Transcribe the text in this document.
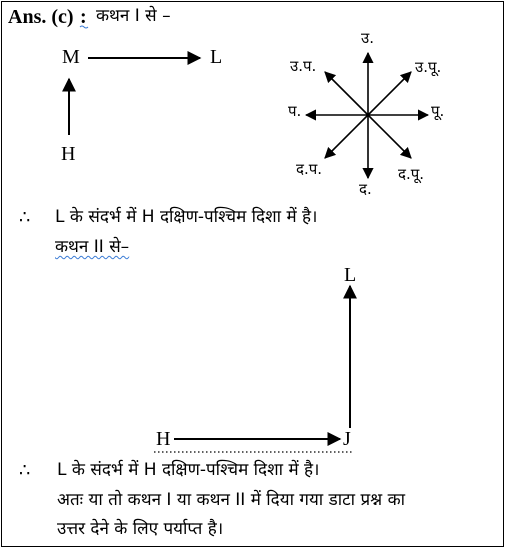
Ans. (c) : कथन I से –
M	L
H
उ.
उ.पू.
पू.
द.पू.
द.
द.प.
प.
उ.प.
∴ L के संदर्भ में H दक्षिण-पश्चिम दिशा में है।
कथन II से–
L
H	J
∴ L के संदर्भ में H दक्षिण-पश्चिम दिशा में है।
अतः या तो कथन I या कथन II में दिया गया डाटा प्रश्न का
उत्तर देने के लिए पर्याप्त है।
